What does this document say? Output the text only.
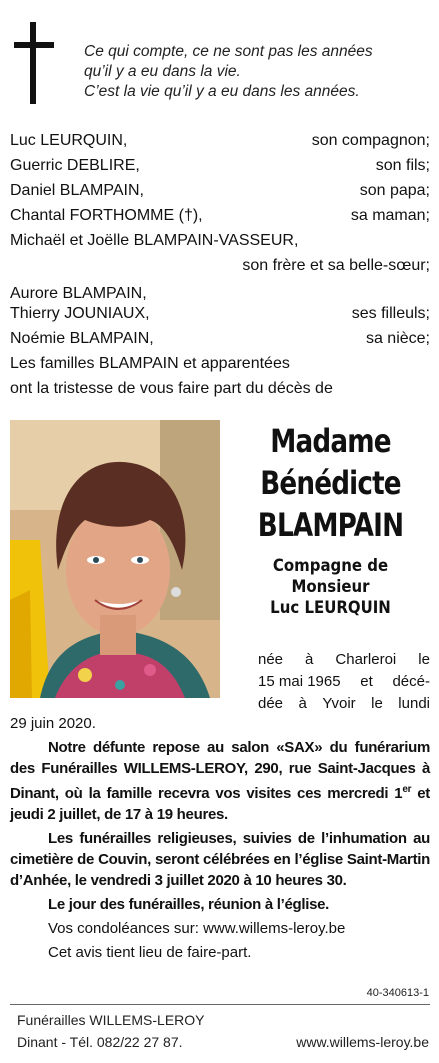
Ce qui compte, ce ne sont pas les années
qu’il y a eu dans la vie.
C’est la vie qu’il y a eu dans les années.
Luc LEURQUIN,	son compagnon;
Guerric DEBLIRE,	son fils;
Daniel BLAMPAIN,	son papa;
Chantal FORTHOMME (†),	sa maman;
Michaël et Joëlle BLAMPAIN-VASSEUR,
son frère et sa belle-sœur;
Aurore BLAMPAIN,
Thierry JOUNIAUX,	ses filleuls;
Noémie BLAMPAIN,	sa nièce;
Les familles BLAMPAIN et apparentées
ont la tristesse de vous faire part du décès de
Madame
Bénédicte
BLAMPAIN
Compagne de
Monsieur
Luc LEURQUIN
née à Charleroi le
15 mai 1965 et décé-
dée à Yvoir le lundi

29 juin 2020.

Notre défunte repose au salon «SAX» du funérarium des Funérailles WILLEMS-LEROY, 290, rue Saint-Jacques à Dinant, où la famille recevra vos visites ces mercredi 1er et jeudi 2 juillet, de 17 à 19 heures.

Les funérailles religieuses, suivies de l’inhumation au cimetière de Couvin, seront célébrées en l’église Saint-Martin d’Anhée, le vendredi 3 juillet 2020 à 10 heures 30.

Le jour des funérailles, réunion à l’église.

Vos condoléances sur: www.willems-leroy.be

Cet avis tient lieu de faire-part.

40-340613-1
Funérailles WILLEMS-LEROY
Dinant - Tél. 082/22 27 87.	www.willems-leroy.be
